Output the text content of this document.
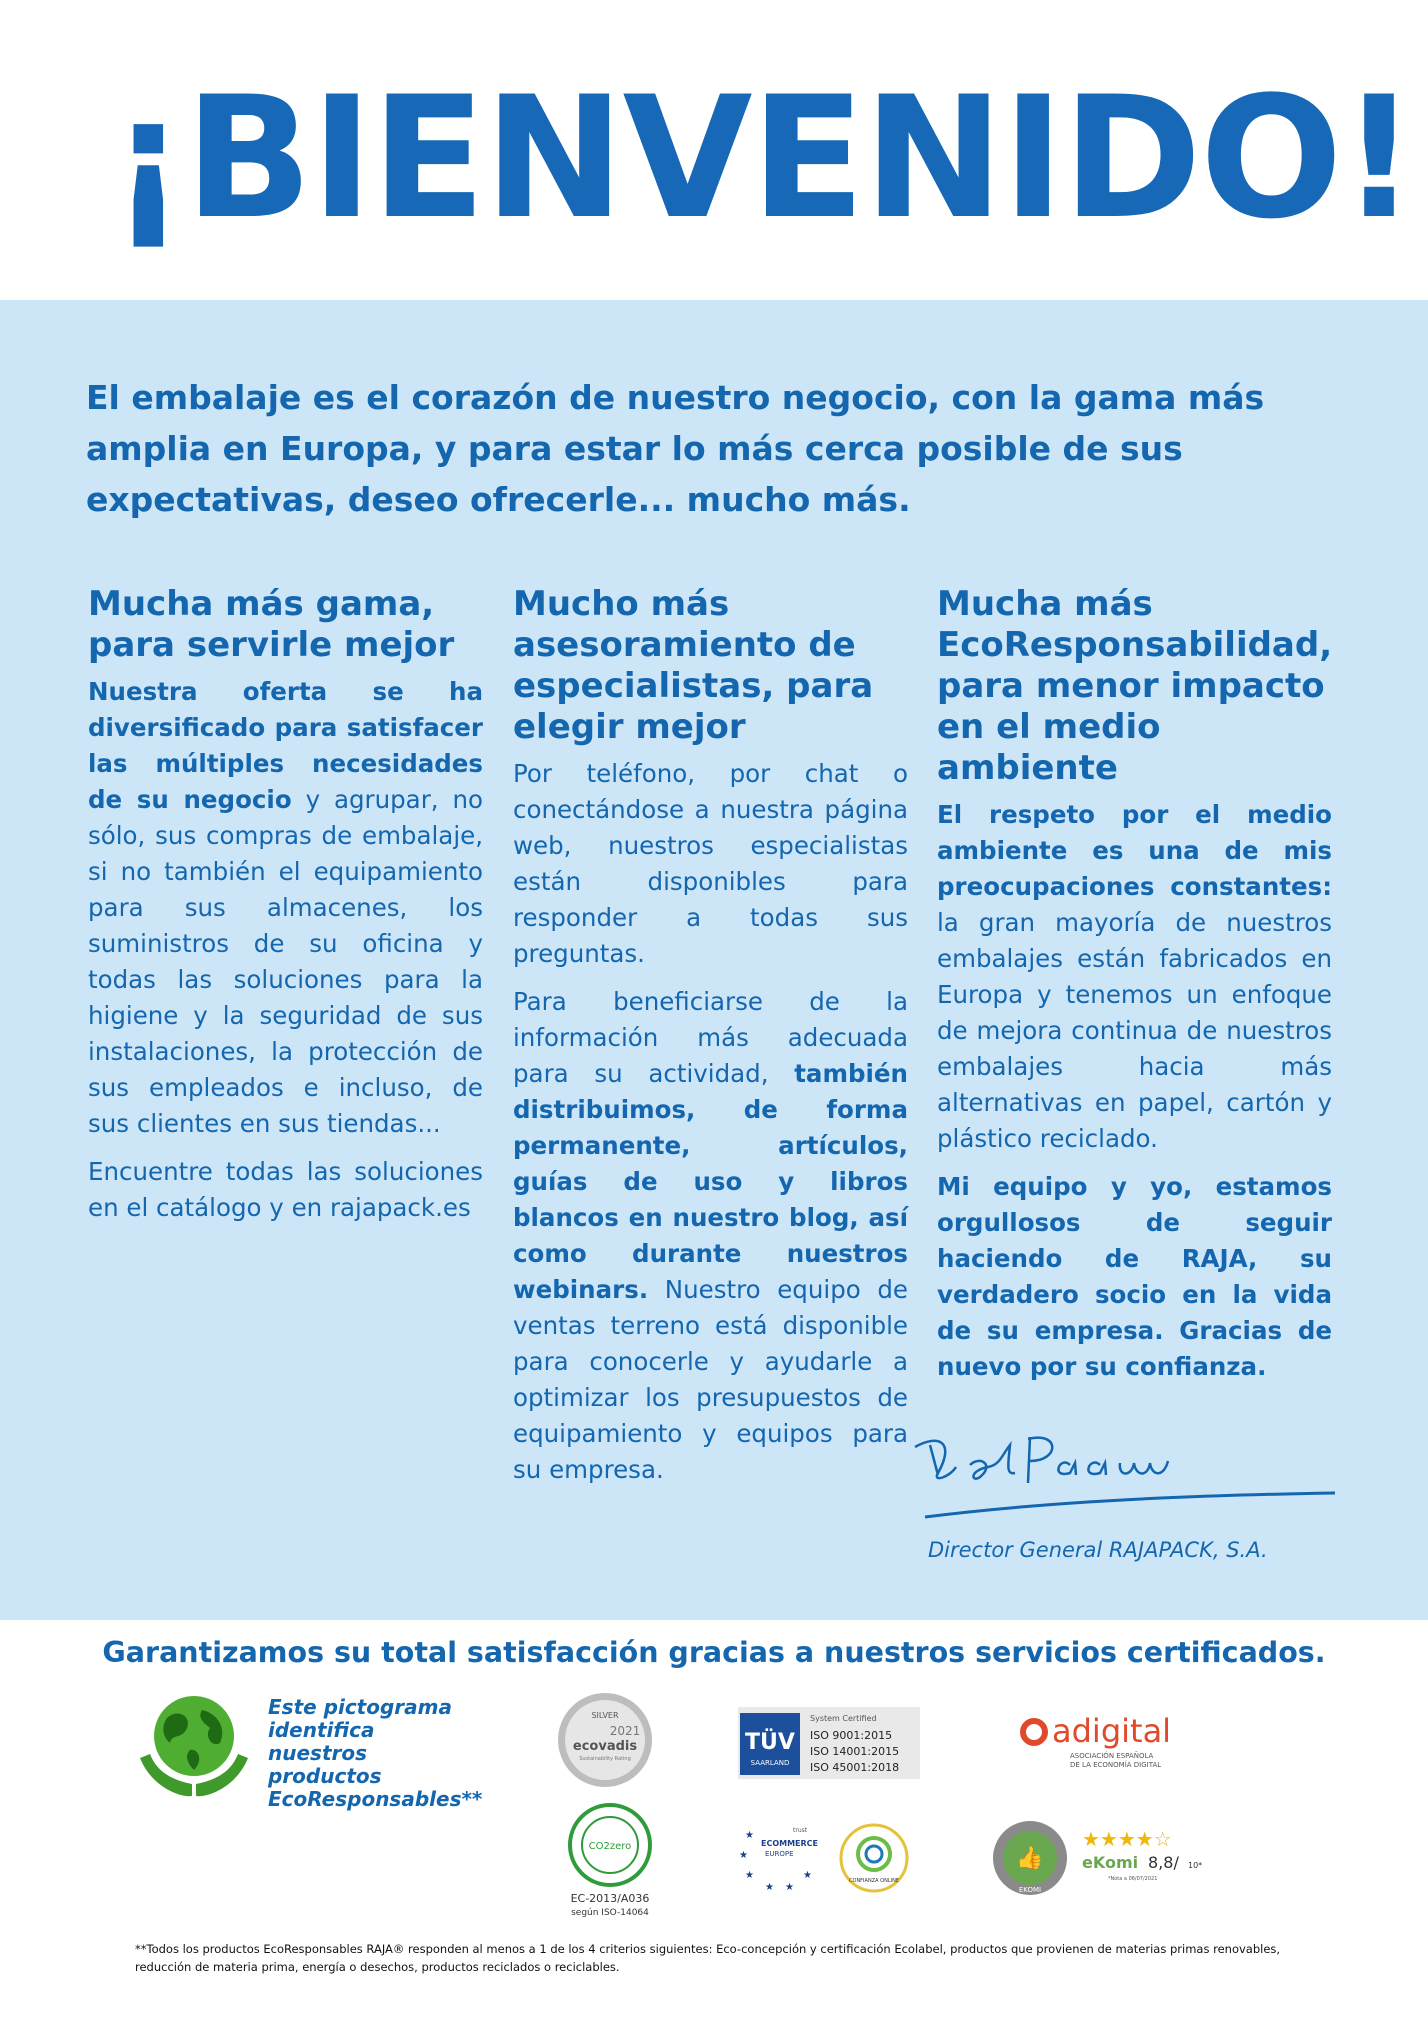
¡BIENVENIDO!
El embalaje es el corazón de nuestro negocio, con la gama más amplia en Europa, y para estar lo más cerca posible de sus expectativas, deseo ofrecerle... mucho más.
Mucha más gama, para servirle mejor

Nuestra oferta se ha diversificado para satisfacer las múltiples necesidades de su negocio y agrupar, no sólo, sus compras de embalaje, si no también el equipamiento para sus almacenes, los suministros de su oficina y todas las soluciones para la higiene y la seguridad de sus instalaciones, la protección de sus empleados e incluso, de sus clientes en sus tiendas...

Encuentre todas las soluciones en el catálogo y en rajapack.es

Mucho más asesoramiento de especialistas, para elegir mejor

Por teléfono, por chat o conectándose a nuestra página web, nuestros especialistas están disponibles para responder a todas sus preguntas.

Para beneficiarse de la información más adecuada para su actividad, también distribuimos, de forma permanente, artículos, guías de uso y libros blancos en nuestro blog, así como durante nuestros webinars. Nuestro equipo de ventas terreno está disponible para conocerle y ayudarle a optimizar los presupuestos de equipamiento y equipos para su empresa.

Mucha más EcoResponsabilidad, para menor impacto en el medio ambiente

El respeto por el medio ambiente es una de mis preocupaciones constantes: la gran mayoría de nuestros embalajes están fabricados en Europa y tenemos un enfoque de mejora continua de nuestros embalajes hacia más alternativas en papel, cartón y plástico reciclado.

Mi equipo y yo, estamos orgullosos de seguir haciendo de RAJA, su verdadero socio en la vida de su empresa. Gracias de nuevo por su confianza.

Director General RAJAPACK, S.A.
Garantizamos su total satisfacción gracias a nuestros servicios certificados.
Este pictograma identifica nuestros productos EcoResponsables**
SILVER
2021
ecovadis
Sustainability Rating
TÜV
SAARLAND
System Certified
ISO 9001:2015
ISO 14001:2015
ISO 45001:2018
adigital
ASOCIACIÓN ESPAÑOLA
DE LA ECONOMÍA DIGITAL
CO2zero
EC-2013/A036
según ISO-14064
★
★
★
★ ★
★
trust
ECOMMERCE
EUROPE
CONFIANZA ONLINE
👍
EKOMI
★★★★☆
eKomi 8,8/ 10*
*Nota a 06/07/2021
**Todos los productos EcoResponsables RAJA® responden al menos a 1 de los 4 criterios siguientes: Eco-concepción y certificación Ecolabel, productos que provienen de materias primas renovables, reducción de materia prima, energía o desechos, productos reciclados o reciclables.
